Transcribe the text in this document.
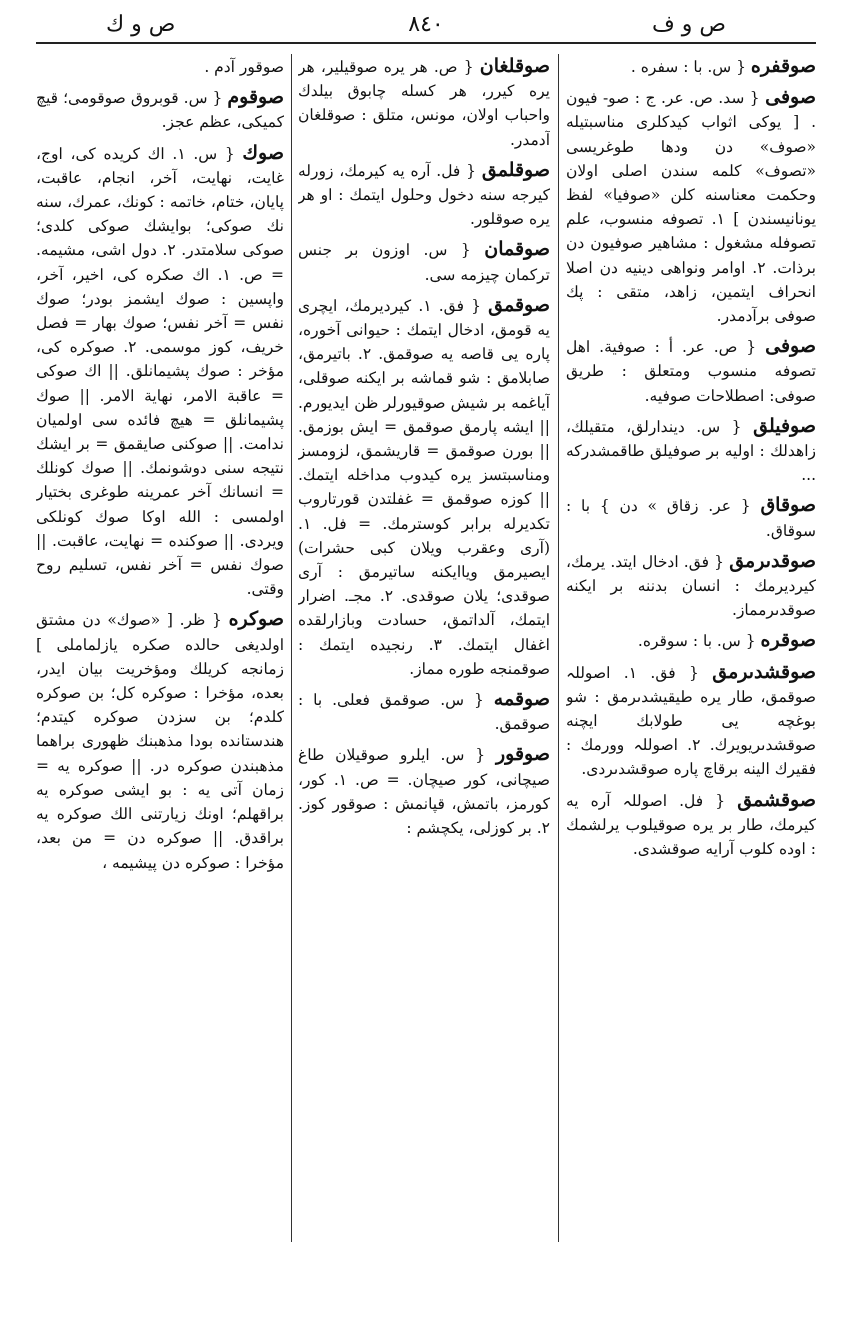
ص و ف
٨٤٠
ص و ك
صوقفره { س. با : سفره .
صوفى { سد. ص. عر. ج : صو- فيون . [ يوكى اثواب كيدكلرى مناسبتيله «صوف» دن ودها طوغريسى «تصوف» كلمه سندن اصلى اولان وحكمت معناسنه كلن «صوفيا» لفظ يونانيسندن ] ١. تصوفه منسوب، علم تصوفله مشغول : مشاهير صوفيون دن برذات. ٢. اوامر ونواهى دينيه دن اصلا انحراف ايتمين، زاهد، متقى : پك صوفى برآدمدر.
صوفى { ص. عر. أ : صوفية. اهل تصوفه منسوب ومتعلق : طريق صوفى: اصطلاحات صوفيه.
صوفيلق { س. ديندارلق، متقيلك، زاهدلك : اوليه بر صوفيلق طاقمشدركه ...
صوقاق { عر. زقاق » دن } با : سوقاق.
صوقدىرمق { فق. ادخال ايتد. يرمك، كيرديرمك : انسان بدننه بر ايكنه صوقدىرمماز.
صوقره { س. با : سوقره.
صوقشدىرمق { فق. ١. اصوللہ صوقمق، طار يره طيقيشدىرمق : شو بوغچه يى طولابك ايچنه صوقشدىريويرك. ٢. اصوللہ وورمك : فقيرك الينه برقاچ پاره صوقشدىردى.
صوقشمق { فل. اصوللہ آره يه كيرمك، طار بر يره صوقيلوب يرلشمك : اوده كلوب آرايه صوقشدى.
صوقلغان { ص. هر يره صوقيلير، هر يره كيرر، هر كسله چابوق بيلدك واحباب اولان، مونس، متلق : صوقلغان آدمدر.
صوقلمق { فل. آره يه كيرمك، زورله كيرجه سنه دخول وحلول ايتمك : او هر يره صوقلور.
صوقمان { س. اوزون بر جنس تركمان چيزمه سى.
صوقمق { فق. ١. كيرديرمك، ايچرى يه قومق، ادخال ايتمك : حيوانى آخوره، پاره يى قاصه يه صوقمق. ٢. باتيرمق، صابلامق : شو قماشه بر ايكنه صوقلى، آياغمه بر شيش صوقيورلر ظن ايديورم. || ايشه پارمق صوقمق = ايش بوزمق. || بورن صوقمق = قاريشمق، لزومسز ومناسبتسز يره كيدوب مداخله ايتمك. || كوزه صوقمق = غفلتدن قورتاروب تكديرله برابر كوسترمك. = فل. ١. (آرى وعقرب ويلان كبى حشرات) ايصيرمق وياايكنه ساتيرمق : آرى صوقدى؛ يلان صوقدى. ٢. مجـ. اضرار ايتمك، آلداتمق، حسادت وبازارلقده اغفال ايتمك. ٣. رنجيده ايتمك : صوقمنجه طوره مماز.
صوقمه { س. صوقمق فعلى. با : صوقمق.
صوقور { س. ايلرو صوقيلان طاغ صيچانى، كور صيچان. = ص. ١. كور، كورمز، باتمش، قپانمش : صوقور كوز. ٢. بر كوزلى، يكچشم :
صوقور آدم .
صوقوم { س. قوبروق صوقومى؛ قيچ كميكى، عظم عجز.
صوك { س. ١. اك كريده كى، اوج، غايت، نهايت، آخر، انجام، عاقبت، پايان، ختام، خاتمه : كونك، عمرك، سنه نك صوكى؛ بوايشك صوكى كلدى؛ صوكى سلامتدر. ٢. دول اشى، مشيمه. = ص. ١. اك صكره كى، اخير، آخر، واپسين : صوك ايشمز بودر؛ صوك نفس = آخر نفس؛ صوك بهار = فصل خريف، كوز موسمى. ٢. صوكره كى، مؤخر : صوك پشيمانلق. || اك صوكى = عاقبة الامر، نهاية الامر. || صوك پشيمانلق = هيچ فائده سى اولميان ندامت. || صوكنى صايقمق = بر ايشك نتيجه سنى دوشونمك. || صوك كونلك = انسانك آخر عمرينه طوغرى بختيار اولمسى : الله اوكا صوك كونلكى ويردى. || صوكنده = نهايت، عاقبت. || صوك نفس = آخر نفس، تسليم روح وقتى.
صوكره { ظر. [ «صوك» دن مشتق اولديغى حالده صكره يازلماملى ] زمانجه كريلك ومؤخريت بيان ايدر، بعده، مؤخرا : صوكره كل؛ بن صوكره كلدم؛ بن سزدن صوكره كيتدم؛ هندستانده بودا مذهبنك ظهورى براهما مذهبندن صوكره در. || صوكره يه = زمان آتى يه : بو ايشى صوكره يه براقهلم؛ اونك زيارتنى الك صوكره يه براقدق. || صوكره دن = من بعد، مؤخرا : صوكره دن پيشيمه ،
